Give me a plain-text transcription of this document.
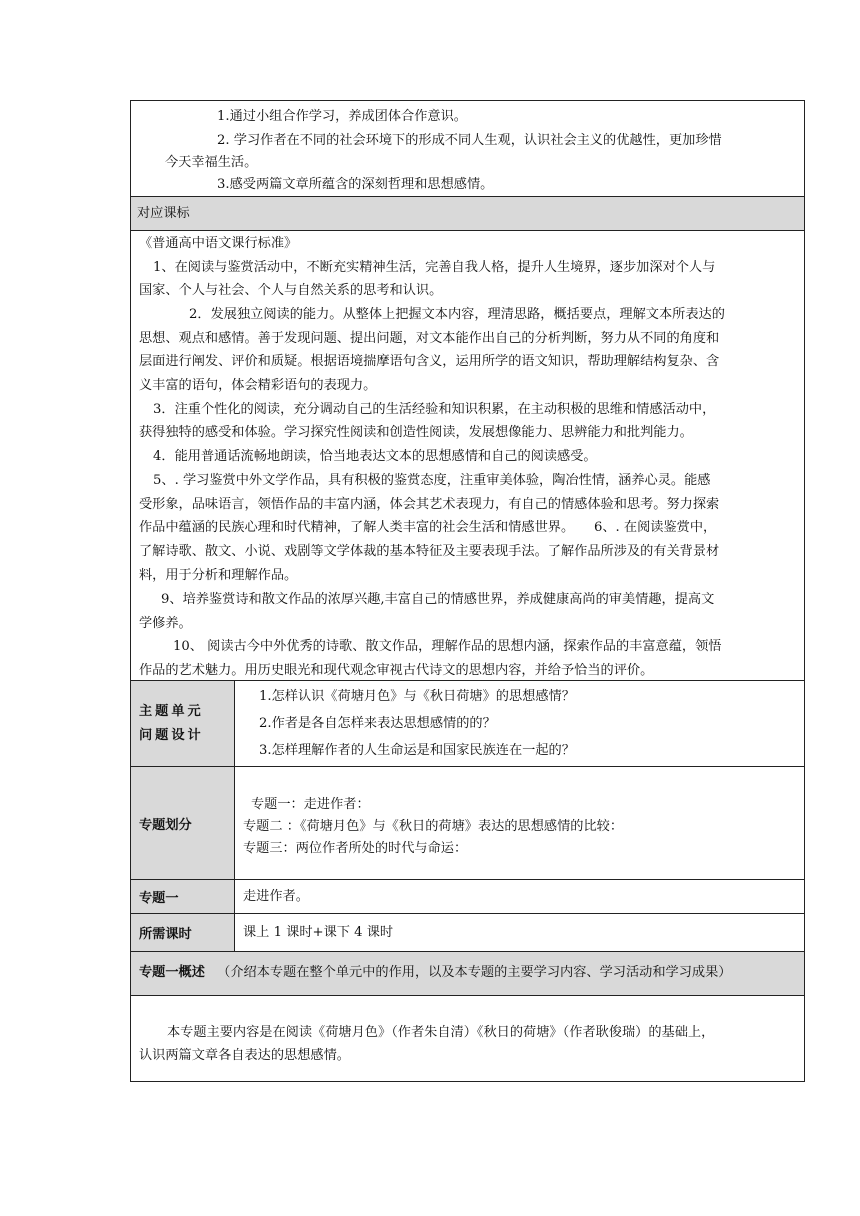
1.通过小组合作学习，养成团体合作意识。

2. 学习作者在不同的社会环境下的形成不同人生观，认识社会主义的优越性，更加珍惜

今天幸福生活。

3.感受两篇文章所蕴含的深刻哲理和思想感情。

对应课标

《普通高中语文课行标准》

1、在阅读与鉴赏活动中，不断充实精神生活，完善自我人格，提升人生境界，逐步加深对个人与

国家、个人与社会、个人与自然关系的思考和认识。

2．发展独立阅读的能力。从整体上把握文本内容，理清思路，概括要点，理解文本所表达的

思想、观点和感情。善于发现问题、提出问题，对文本能作出自己的分析判断，努力从不同的角度和

层面进行阐发、评价和质疑。根据语境揣摩语句含义，运用所学的语文知识，帮助理解结构复杂、含

义丰富的语句，体会精彩语句的表现力。

3．注重个性化的阅读，充分调动自己的生活经验和知识积累，在主动积极的思维和情感活动中，

获得独特的感受和体验。学习探究性阅读和创造性阅读，发展想像能力、思辨能力和批判能力。

4．能用普通话流畅地朗读，恰当地表达文本的思想感情和自己的阅读感受。

5、. 学习鉴赏中外文学作品，具有积极的鉴赏态度，注重审美体验，陶冶性情，涵养心灵。能感

受形象，品味语言，领悟作品的丰富内涵，体会其艺术表现力，有自己的情感体验和思考。努力探索

作品中蕴涵的民族心理和时代精神，了解人类丰富的社会生活和情感世界。　　6、. 在阅读鉴赏中，

了解诗歌、散文、小说、戏剧等文学体裁的基本特征及主要表现手法。了解作品所涉及的有关背景材

料，用于分析和理解作品。

9、培养鉴赏诗和散文作品的浓厚兴趣,丰富自己的情感世界，养成健康高尚的审美情趣，提高文

学修养。

10、 阅读古今中外优秀的诗歌、散文作品，理解作品的思想内涵，探索作品的丰富意蕴，领悟

作品的艺术魅力。用历史眼光和现代观念审视古代诗文的思想内容，并给予恰当的评价。

主题单元问题设计

1.怎样认识《荷塘月色》与《秋日荷塘》的思想感情？

2.作者是各自怎样来表达思想感情的的？

3.怎样理解作者的人生命运是和国家民族连在一起的？

专题划分

专题一：走进作者：

专题二 ：《荷塘月色》与《秋日的荷塘》表达的思想感情的比较：

专题三：两位作者所处的时代与命运：

专题一	走进作者。

所需课时	课上 1 课时+课下 4 课时

专题一概述 （介绍本专题在整个单元中的作用，以及本专题的主要学习内容、学习活动和学习成果）

本专题主要内容是在阅读《荷塘月色》（作者朱自清）《秋日的荷塘》（作者耿俊瑞）的基础上，

认识两篇文章各自表达的思想感情。
